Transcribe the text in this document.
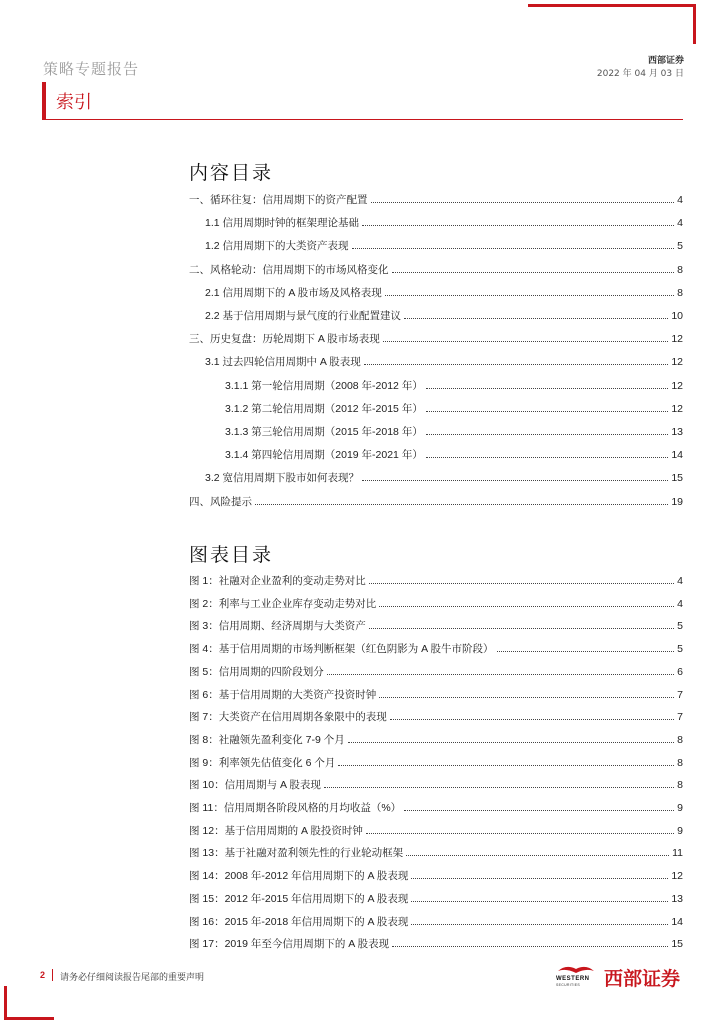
策略专题报告	西部证券
2022 年 04 月 03 日
索引
内容目录
一、循环往复：信用周期下的资产配置	4
1.1 信用周期时钟的框架理论基础	4
1.2 信用周期下的大类资产表现	5
二、风格轮动：信用周期下的市场风格变化	8
2.1 信用周期下的 A 股市场及风格表现	8
2.2 基于信用周期与景气度的行业配置建议	10
三、历史复盘：历轮周期下 A 股市场表现	12
3.1 过去四轮信用周期中 A 股表现	12
3.1.1 第一轮信用周期（2008 年-2012 年）	12
3.1.2 第二轮信用周期（2012 年-2015 年）	12
3.1.3 第三轮信用周期（2015 年-2018 年）	13
3.1.4 第四轮信用周期（2019 年-2021 年）	14
3.2 宽信用周期下股市如何表现？	15
四、风险提示	19
图表目录
图 1：社融对企业盈利的变动走势对比	4
图 2：利率与工业企业库存变动走势对比	4
图 3：信用周期、经济周期与大类资产	5
图 4：基于信用周期的市场判断框架（红色阴影为 A 股牛市阶段）	5
图 5：信用周期的四阶段划分	6
图 6：基于信用周期的大类资产投资时钟	7
图 7：大类资产在信用周期各象限中的表现	7
图 8：社融领先盈利变化 7-9 个月	8
图 9：利率领先估值变化 6 个月	8
图 10：信用周期与 A 股表现	8
图 11：信用周期各阶段风格的月均收益（%）	9
图 12：基于信用周期的 A 股投资时钟	9
图 13：基于社融对盈利领先性的行业轮动框架	11
图 14：2008 年-2012 年信用周期下的 A 股表现	12
图 15：2012 年-2015 年信用周期下的 A 股表现	13
图 16：2015 年-2018 年信用周期下的 A 股表现	14
图 17：2019 年至今信用周期下的 A 股表现	15
2 请务必仔细阅读报告尾部的重要声明	WESTERN
SECURITIES 西部证券
